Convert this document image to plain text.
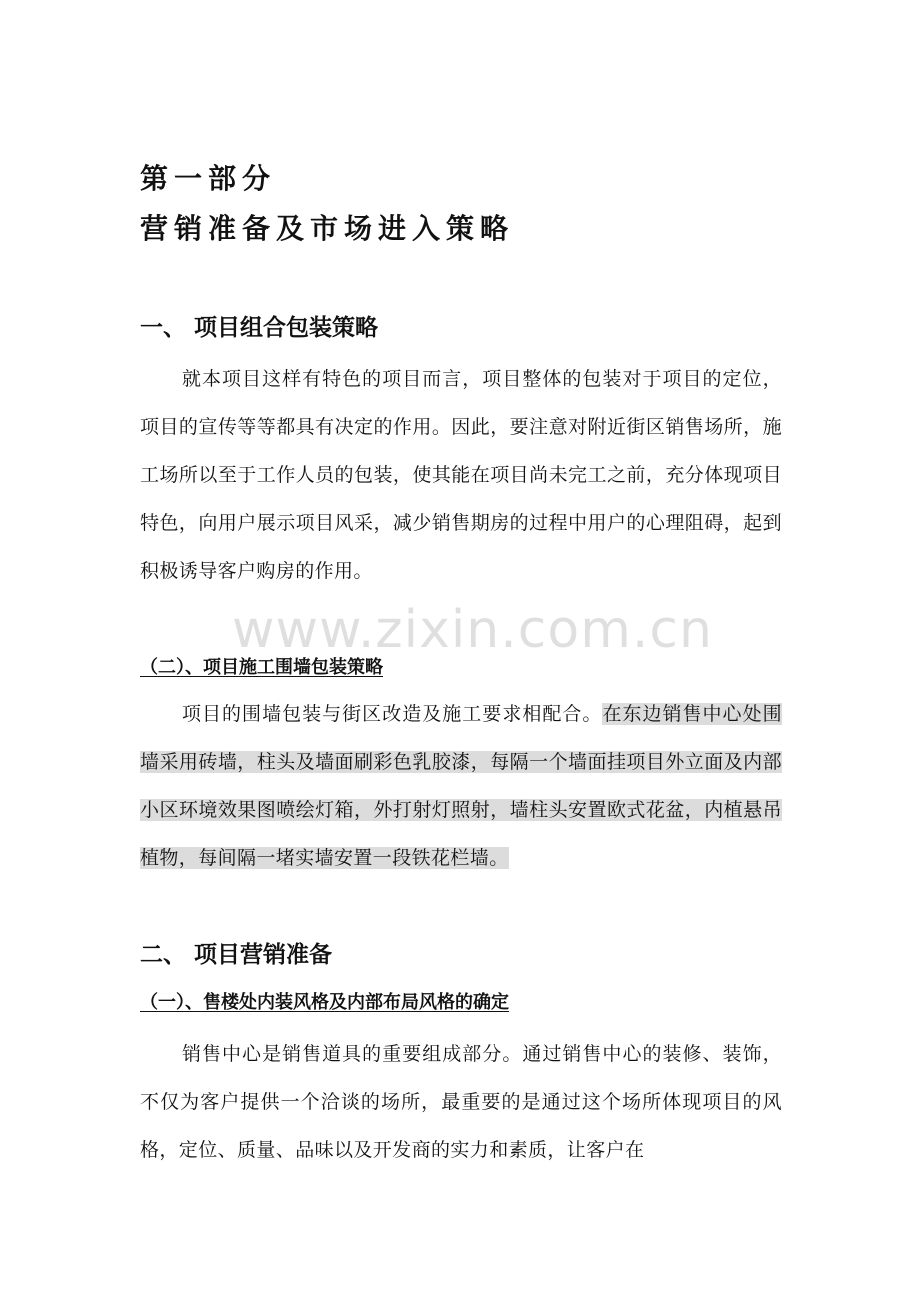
第一部分
营销准备及市场进入策略
一、 项目组合包装策略

就本项目这样有特色的项目而言，项目整体的包装对于项目的定位，项目的宣传等等都具有决定的作用。因此，要注意对附近街区销售场所，施工场所以至于工作人员的包装，使其能在项目尚未完工之前，充分体现项目特色，向用户展示项目风采，减少销售期房的过程中用户的心理阻碍，起到积极诱导客户购房的作用。

www.zixin.com.cn
（二）、项目施工围墙包装策略

项目的围墙包装与街区改造及施工要求相配合。在东边销售中心处围墙采用砖墙，柱头及墙面刷彩色乳胶漆，每隔一个墙面挂项目外立面及内部小区环境效果图喷绘灯箱，外打射灯照射，墙柱头安置欧式花盆，内植悬吊植物，每间隔一堵实墙安置一段铁花栏墙。

二、 项目营销准备
（一）、售楼处内装风格及内部布局风格的确定

销售中心是销售道具的重要组成部分。通过销售中心的装修、装饰，不仅为客户提供一个洽谈的场所，最重要的是通过这个场所体现项目的风格，定位、质量、品味以及开发商的实力和素质，让客户在
